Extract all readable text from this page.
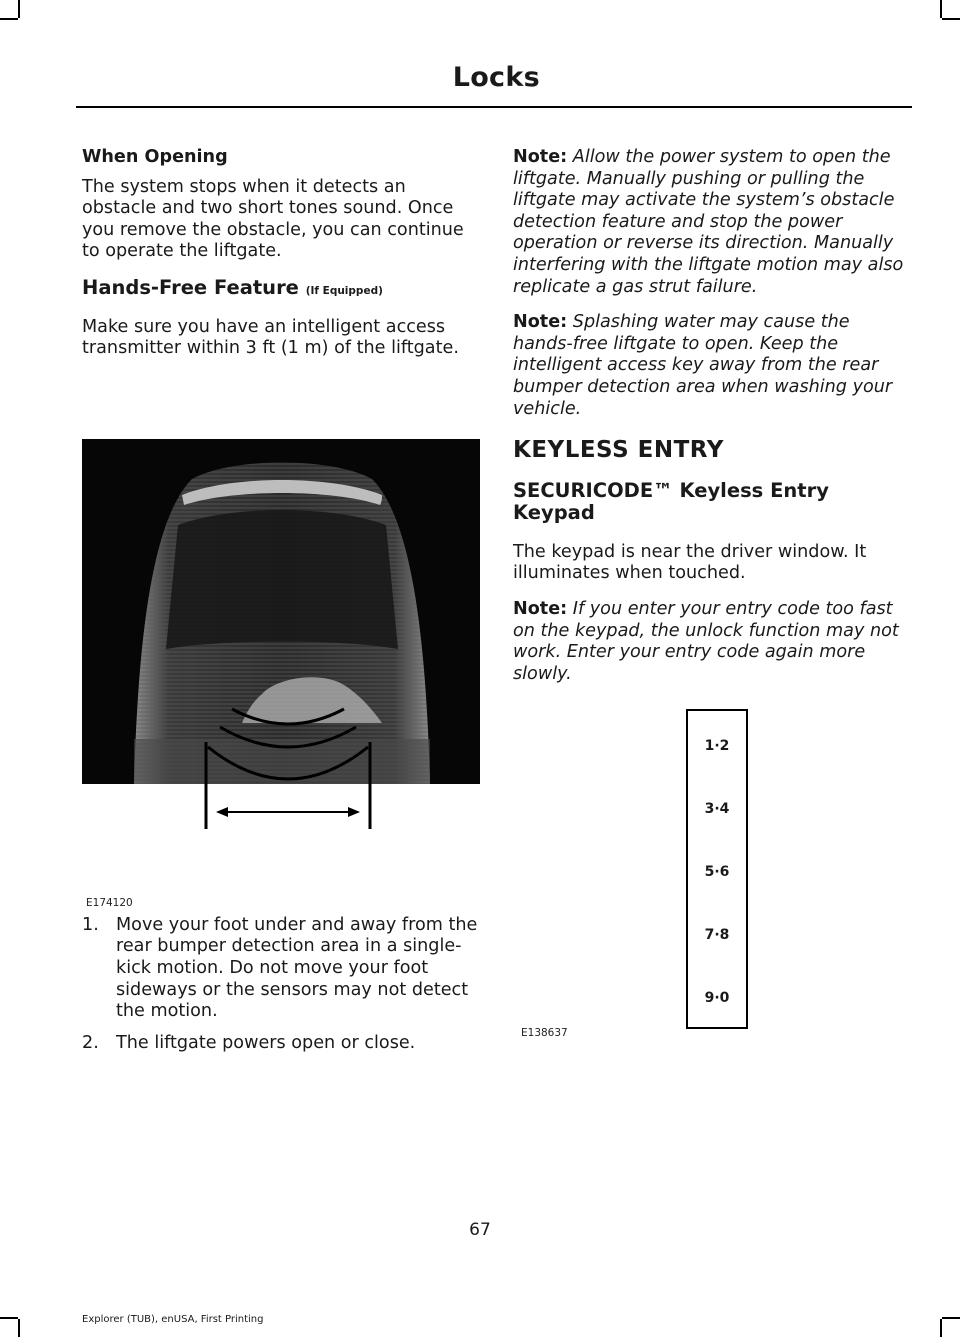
Locks
When Opening

The system stops when it detects an obstacle and two short tones sound. Once you remove the obstacle, you can continue to operate the liftgate.

Hands-Free Feature (If Equipped)

Make sure you have an intelligent access transmitter within 3 ft (1 m) of the liftgate.

E174120
1. Move your foot under and away from the rear bumper detection area in a single-kick motion. Do not move your foot sideways or the sensors may not detect the motion.
2. The liftgate powers open or close.

Note: Allow the power system to open the liftgate. Manually pushing or pulling the liftgate may activate the system’s obstacle detection feature and stop the power operation or reverse its direction. Manually interfering with the liftgate motion may also replicate a gas strut failure.

Note: Splashing water may cause the hands-free liftgate to open. Keep the intelligent access key away from the rear bumper detection area when washing your vehicle.

KEYLESS ENTRY
SECURICODE™ Keyless Entry Keypad

The keypad is near the driver window. It illuminates when touched.

Note: If you enter your entry code too fast on the keypad, the unlock function may not work. Enter your entry code again more slowly.

1·2
3·4
5·6
7·8
9·0
E138637
67
Explorer (TUB), enUSA, First Printing
